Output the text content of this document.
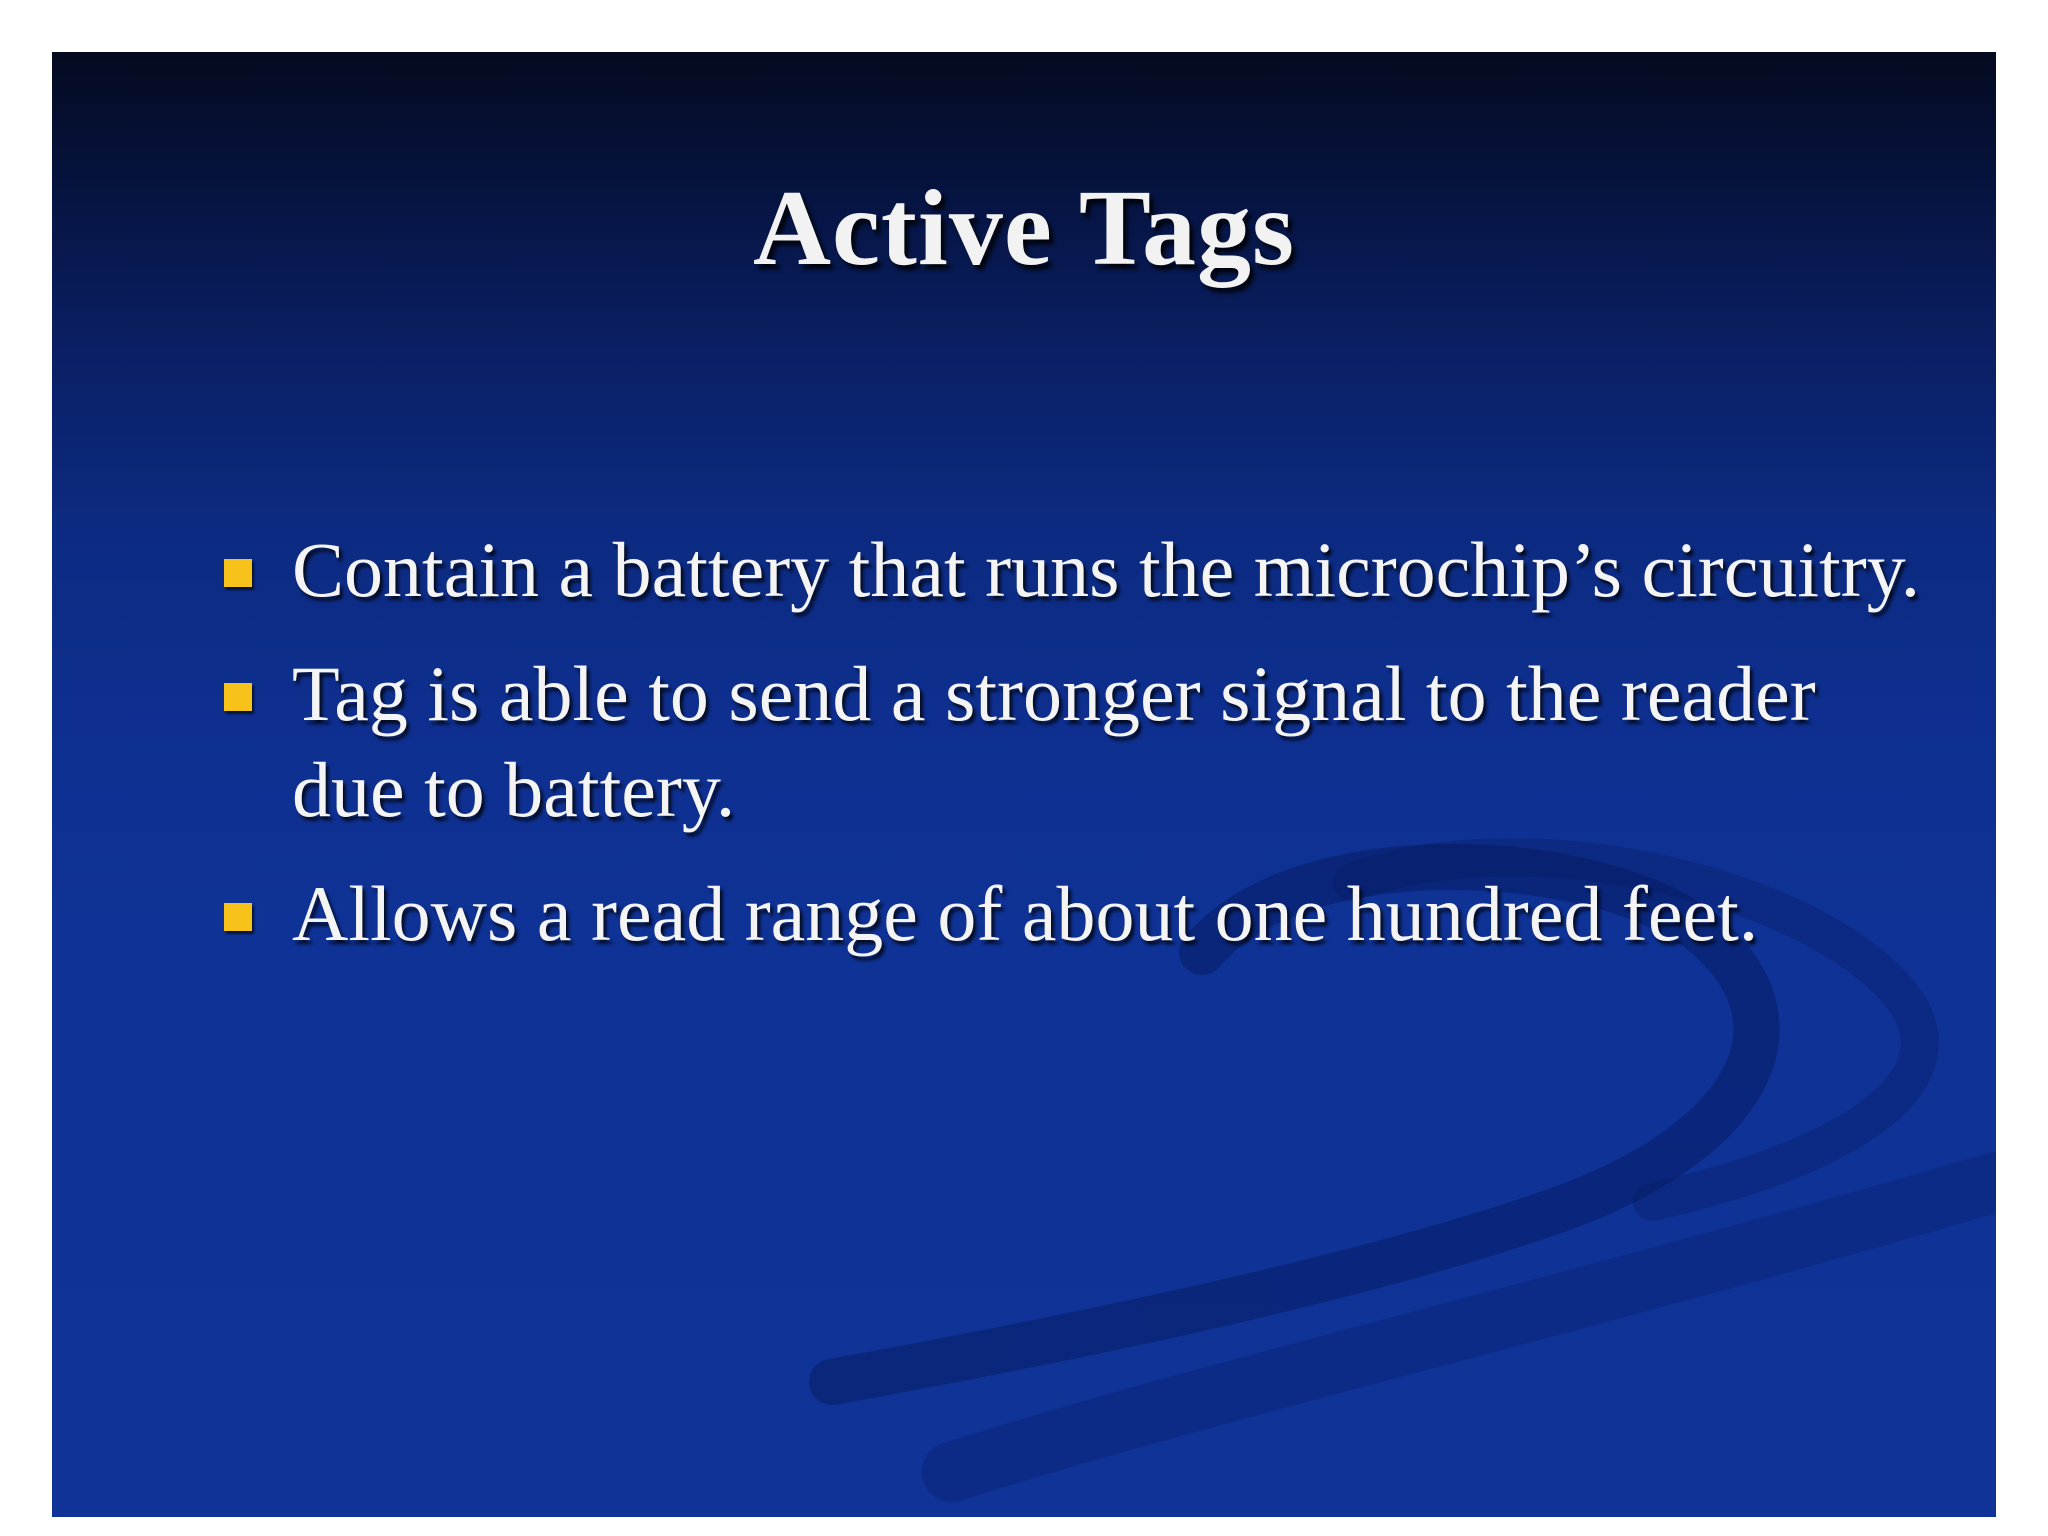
Active Tags
Contain a battery that runs the microchip’s circuitry.
Tag is able to send a stronger signal to the reader due to battery.
Allows a read range of about one hundred feet.
